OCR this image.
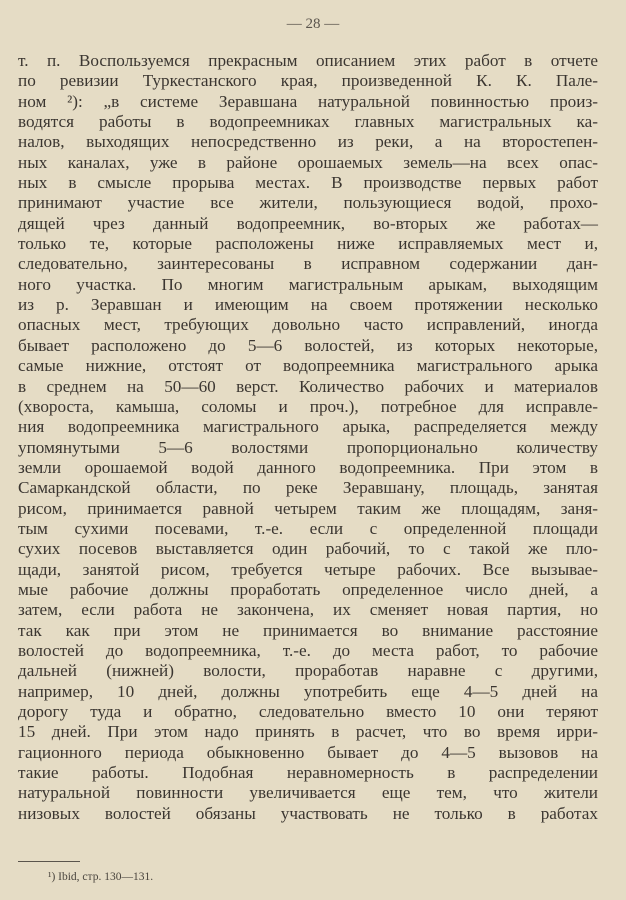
— 28 —
т. п. Воспользуемся прекрасным описанием этих работ в отчете
по ревизии Туркестанского края, произведенной К. К. Пале-
ном ²): „в системе Зеравшана натуральной повинностью произ-
водятся работы в водопреемниках главных магистральных ка-
налов, выходящих непосредственно из реки, а на второстепен-
ных каналах, уже в районе орошаемых земель—на всех опас-
ных в смысле прорыва местах. В производстве первых работ
принимают участие все жители, пользующиеся водой, прохо-
дящей чрез данный водопреемник, во-вторых же работах—
только те, которые расположены ниже исправляемых мест и,
следовательно, заинтересованы в исправном содержании дан-
ного участка. По многим магистральным арыкам, выходящим
из р. Зеравшан и имеющим на своем протяжении несколько
опасных мест, требующих довольно часто исправлений, иногда
бывает расположено до 5—6 волостей, из которых некоторые,
самые нижние, отстоят от водопреемника магистрального арыка
в среднем на 50—60 верст. Количество рабочих и материалов
(хвороста, камыша, соломы и проч.), потребное для исправле-
ния водопреемника магистрального арыка, распределяется между
упомянутыми 5—6 волостями пропорционально количеству
земли орошаемой водой данного водопреемника. При этом в
Самаркандской области, по реке Зеравшану, площадь, занятая
рисом, принимается равной четырем таким же площадям, заня-
тым сухими посевами, т.-е. если с определенной площади
сухих посевов выставляется один рабочий, то с такой же пло-
щади, занятой рисом, требуется четыре рабочих. Все вызывае-
мые рабочие должны проработать определенное число дней, а
затем, если работа не закончена, их сменяет новая партия, но
так как при этом не принимается во внимание расстояние
волостей до водопреемника, т.-е. до места работ, то рабочие
дальней (нижней) волости, проработав наравне с другими,
например, 10 дней, должны употребить еще 4—5 дней на
дорогу туда и обратно, следовательно вместо 10 они теряют
15 дней. При этом надо принять в расчет, что во время ирри-
гационного периода обыкновенно бывает до 4—5 вызовов на
такие работы. Подобная неравномерность в распределении
натуральной повинности увеличивается еще тем, что жители
низовых волостей обязаны участвовать не только в работах
¹) Ibid, стр. 130—131.
